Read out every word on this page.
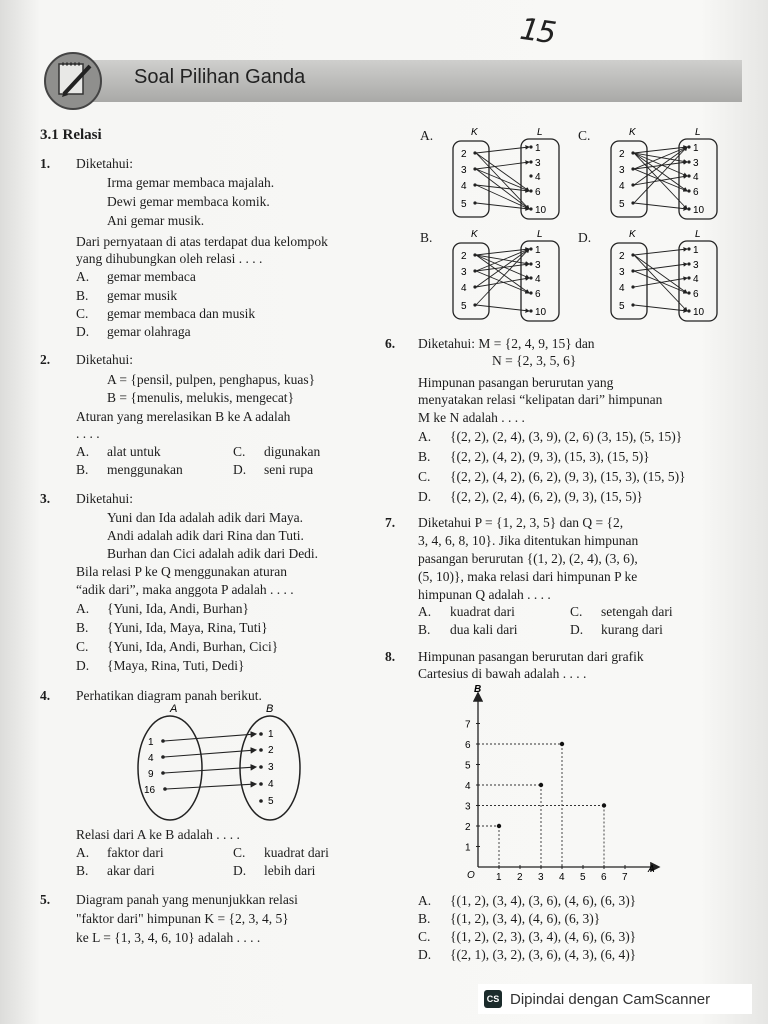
15
Soal Pilihan Ganda
3.1 Relasi
1. Diketahui:
Irma gemar membaca majalah.
Dewi gemar membaca komik.
Ani gemar musik.
Dari pernyataan di atas terdapat dua kelompok
yang dihubungkan oleh relasi . . . .
A. gemar membaca
B. gemar musik
C. gemar membaca dan musik
D. gemar olahraga
2. Diketahui:
A = {pensil, pulpen, penghapus, kuas}
B = {menulis, melukis, mengecat}
Aturan yang merelasikan B ke A adalah
. . . .
A. alat untuk
B. menggunakan
C. digunakan
D. seni rupa
3. Diketahui:
Yuni dan Ida adalah adik dari Maya.
Andi adalah adik dari Rina dan Tuti.
Burhan dan Cici adalah adik dari Dedi.
Bila relasi P ke Q menggunakan aturan
“adik dari”, maka anggota P adalah . . . .
A. {Yuni, Ida, Andi, Burhan}
B. {Yuni, Ida, Maya, Rina, Tuti}
C. {Yuni, Ida, Andi, Burhan, Cici}
D. {Maya, Rina, Tuti, Dedi}
4. Perhatikan diagram panah berikut.
A	B
1
4
9
16
1
2
3
4
5
Relasi dari A ke B adalah . . . .
A. faktor dari
B. akar dari
C. kuadrat dari
D. lebih dari
5. Diagram panah yang menunjukkan relasi
"faktor dari" himpunan K = {2, 3, 4, 5}
ke L = {1, 3, 4, 6, 10} adalah . . . .
A.	C.
B.	D.
K	L
2
3
4
5
1
3
4
6
10
K	L
2
3
4
5
1
3
4
6
10
K	L
2
3
4
5
1
3
4
6
10
K	L
2
3
4
5
1
3
4
6
10
6. Diketahui: M = {2, 4, 9, 15} dan
N = {2, 3, 5, 6}
Himpunan pasangan berurutan yang
menyatakan relasi “kelipatan dari” himpunan
M ke N adalah . . . .
A. {(2, 2), (2, 4), (3, 9), (2, 6) (3, 15), (5, 15)}
B. {(2, 2), (4, 2), (9, 3), (15, 3), (15, 5)}
C. {(2, 2), (4, 2), (6, 2), (9, 3), (15, 3), (15, 5)}
D. {(2, 2), (2, 4), (6, 2), (9, 3), (15, 5)}
7. Diketahui P = {1, 2, 3, 5} dan Q = {2,
3, 4, 6, 8, 10}. Jika ditentukan himpunan
pasangan berurutan {(1, 2), (2, 4), (3, 6),
(5, 10)}, maka relasi dari himpunan P ke
himpunan Q adalah . . . .
A. kuadrat dari
B. dua kali dari
C. setengah dari
D. kurang dari
8. Himpunan pasangan berurutan dari grafik
Cartesius di bawah adalah . . . .
B
A
O 1 2 3 4 5 6 7
1
2
3
4
5
6
7
A. {(1, 2), (3, 4), (3, 6), (4, 6), (6, 3)}
B. {(1, 2), (3, 4), (4, 6), (6, 3)}
C. {(1, 2), (2, 3), (3, 4), (4, 6), (6, 3)}
D. {(2, 1), (3, 2), (3, 6), (4, 3), (6, 4)}
CS Dipindai dengan CamScanner
